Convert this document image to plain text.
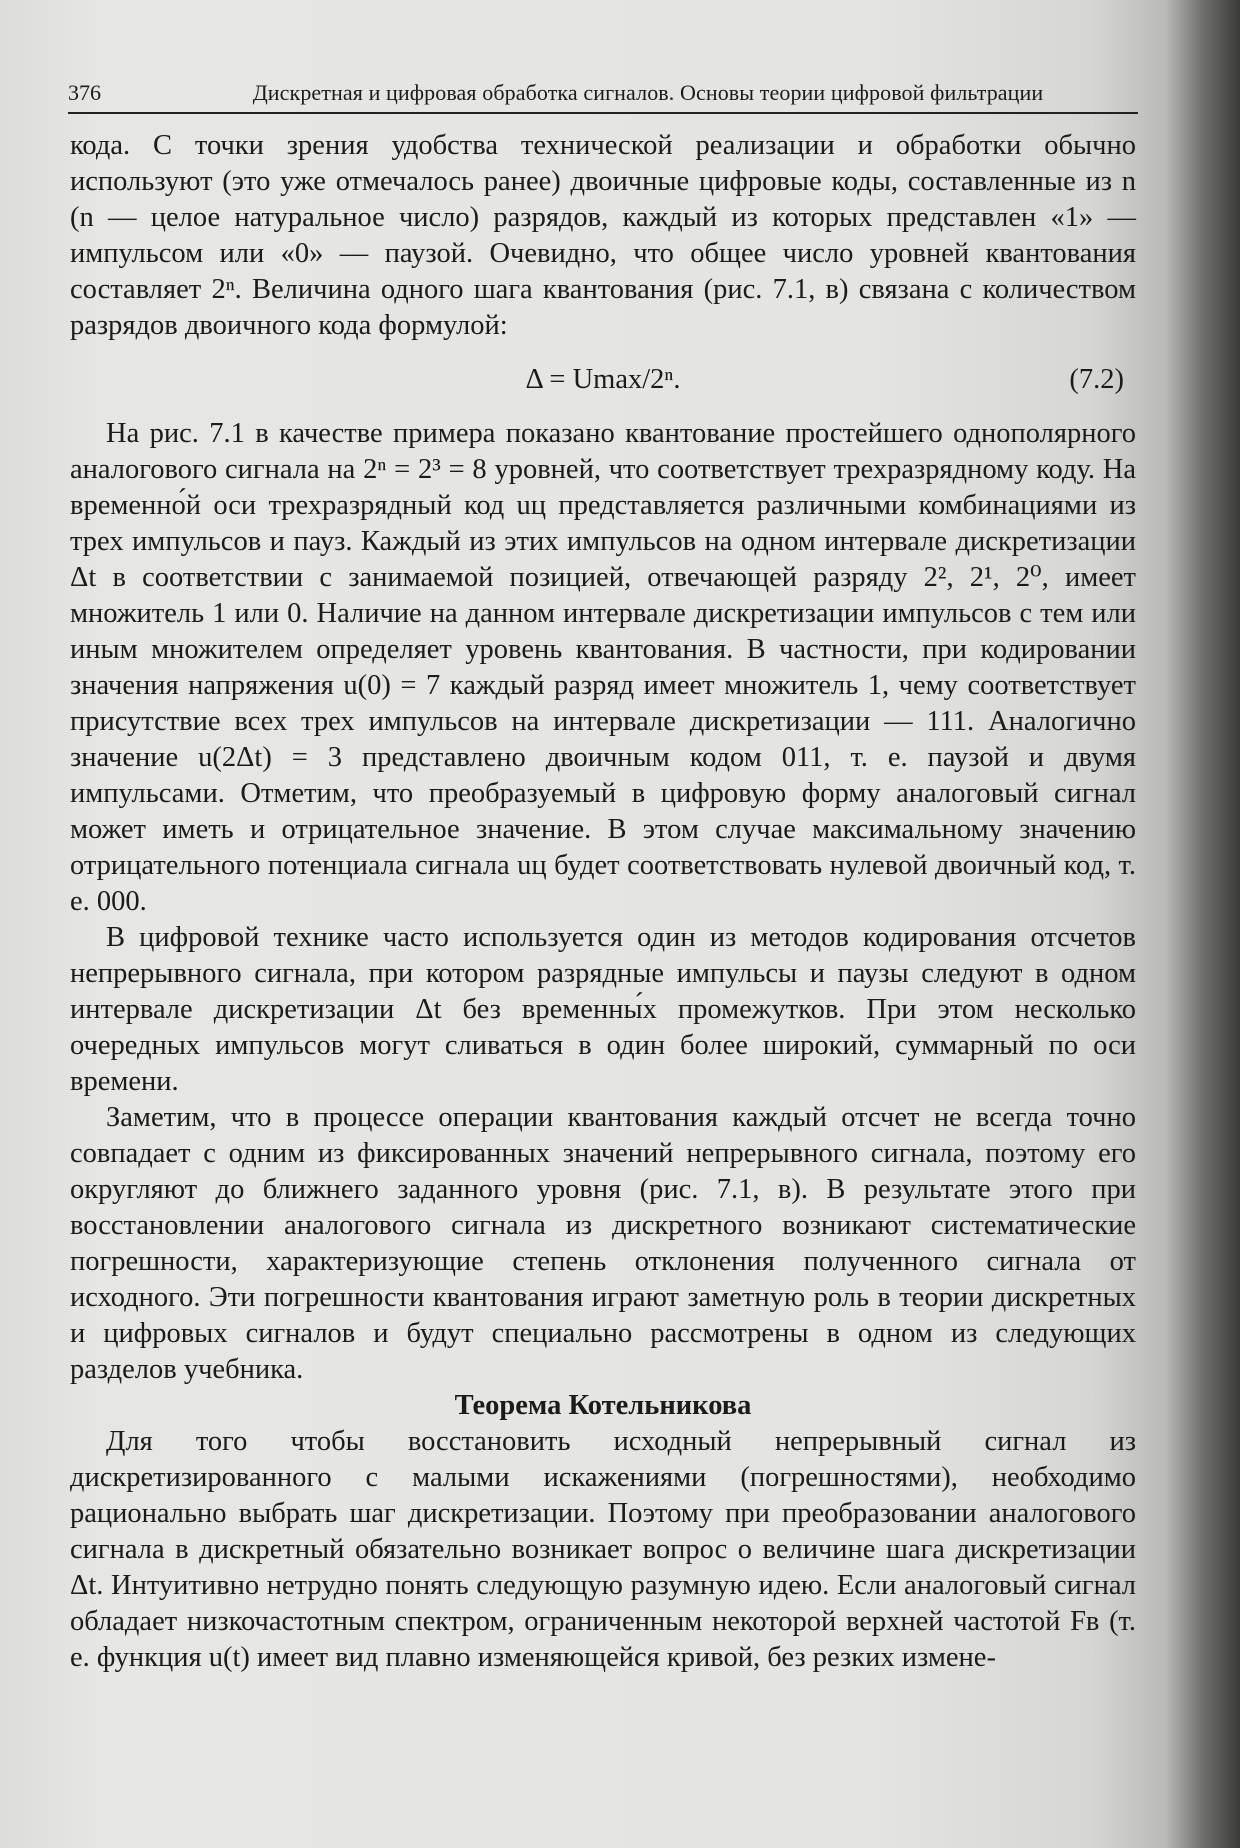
376	Дискретная и цифровая обработка сигналов. Основы теории цифровой фильтрации

кода. С точки зрения удобства технической реализации и обработки обычно используют (это уже отмечалось ранее) двоичные цифровые коды, составленные из n (n — целое натуральное число) разрядов, каждый из которых представлен «1» — импульсом или «0» — паузой. Очевидно, что общее число уровней квантования составляет 2ⁿ. Величина одного шага квантования (рис. 7.1, в) связана с количеством разрядов двоичного кода формулой:

Δ = Umax/2ⁿ.	(7.2)

На рис. 7.1 в качестве примера показано квантование простейшего однополярного аналогового сигнала на 2ⁿ = 2³ = 8 уровней, что соответствует трехразрядному коду. На временно́й оси трехразрядный код uц представляется различными комбинациями из трех импульсов и пауз. Каждый из этих импульсов на одном интервале дискретизации Δt в соответствии с занимаемой позицией, отвечающей разряду 2², 2¹, 2⁰, имеет множитель 1 или 0. Наличие на данном интервале дискретизации импульсов с тем или иным множителем определяет уровень квантования. В частности, при кодировании значения напряжения u(0) = 7 каждый разряд имеет множитель 1, чему соответствует присутствие всех трех импульсов на интервале дискретизации — 111. Аналогично значение u(2Δt) = 3 представлено двоичным кодом 011, т. е. паузой и двумя импульсами. Отметим, что преобразуемый в цифровую форму аналоговый сигнал может иметь и отрицательное значение. В этом случае максимальному значению отрицательного потенциала сигнала uц будет соответствовать нулевой двоичный код, т. е. 000.

В цифровой технике часто используется один из методов кодирования отсчетов непрерывного сигнала, при котором разрядные импульсы и паузы следуют в одном интервале дискретизации Δt без временны́х промежутков. При этом несколько очередных импульсов могут сливаться в один более широкий, суммарный по оси времени.

Заметим, что в процессе операции квантования каждый отсчет не всегда точно совпадает с одним из фиксированных значений непрерывного сигнала, поэтому его округляют до ближнего заданного уровня (рис. 7.1, в). В результате этого при восстановлении аналогового сигнала из дискретного возникают систематические погрешности, характеризующие степень отклонения полученного сигнала от исходного. Эти погрешности квантования играют заметную роль в теории дискретных и цифровых сигналов и будут специально рассмотрены в одном из следующих разделов учебника.

Теорема Котельникова

Для того чтобы восстановить исходный непрерывный сигнал из дискретизированного с малыми искажениями (погрешностями), необходимо рационально выбрать шаг дискретизации. Поэтому при преобразовании аналогового сигнала в дискретный обязательно возникает вопрос о величине шага дискретизации Δt. Интуитивно нетрудно понять следующую разумную идею. Если аналоговый сигнал обладает низкочастотным спектром, ограниченным некоторой верхней частотой Fв (т. е. функция u(t) имеет вид плавно изменяющейся кривой, без резких измене-
